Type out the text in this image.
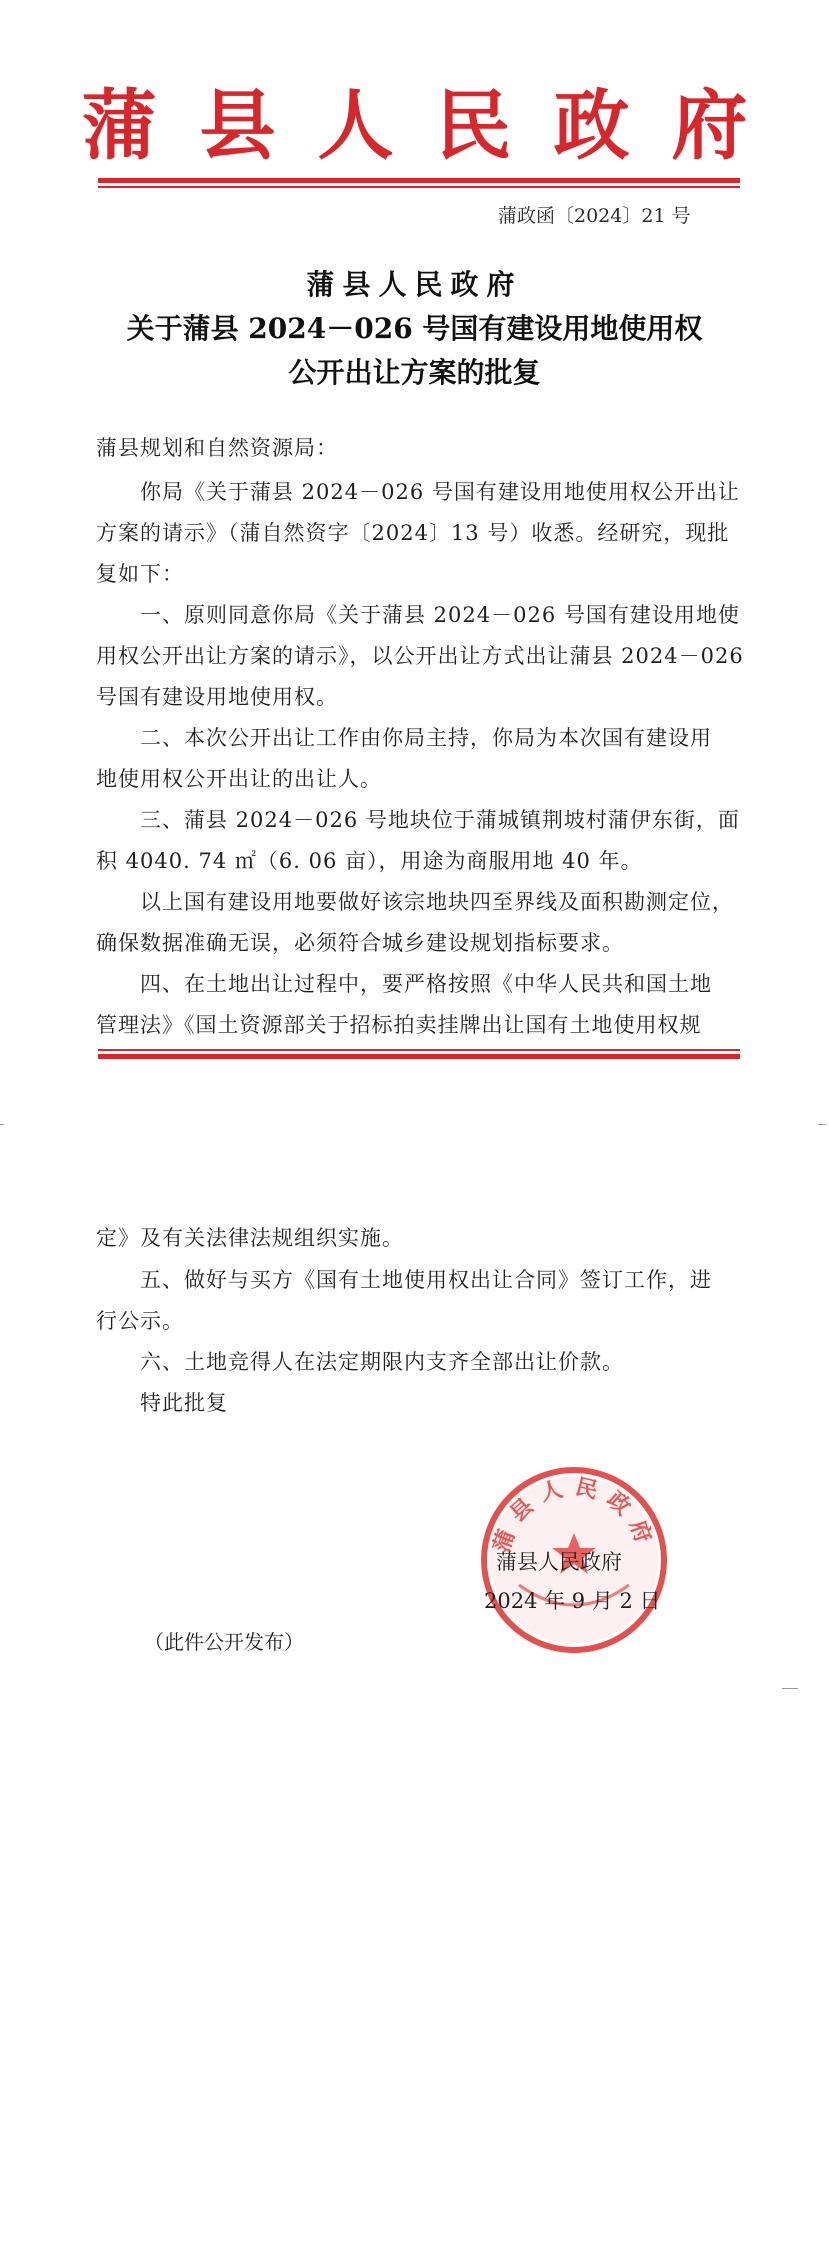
蒲县人民政府
蒲政函〔2024〕21 号
蒲县人民政府
关于蒲县 2024－026 号国有建设用地使用权
公开出让方案的批复
蒲县规划和自然资源局：
你局《关于蒲县 2024－026 号国有建设用地使用权公开出让
方案的请示》（蒲自然资字〔2024〕13 号）收悉。经研究，现批
复如下：
一、原则同意你局《关于蒲县 2024－026 号国有建设用地使
用权公开出让方案的请示》，以公开出让方式出让蒲县 2024－026
号国有建设用地使用权。
二、本次公开出让工作由你局主持，你局为本次国有建设用
地使用权公开出让的出让人。
三、蒲县 2024－026 号地块位于蒲城镇荆坡村蒲伊东街，面
积 4040. 74 ㎡（6. 06 亩），用途为商服用地 40 年。
以上国有建设用地要做好该宗地块四至界线及面积勘测定位，
确保数据准确无误，必须符合城乡建设规划指标要求。
四、在土地出让过程中，要严格按照《中华人民共和国土地
管理法》《国土资源部关于招标拍卖挂牌出让国有土地使用权规
定》及有关法律法规组织实施。
五、做好与买方《国有土地使用权出让合同》签订工作，进
行公示。
六、土地竞得人在法定期限内支齐全部出让价款。
特此批复
蒲县人民政府
蒲县人民政府
2024 年 9 月 2 日
（此件公开发布）
